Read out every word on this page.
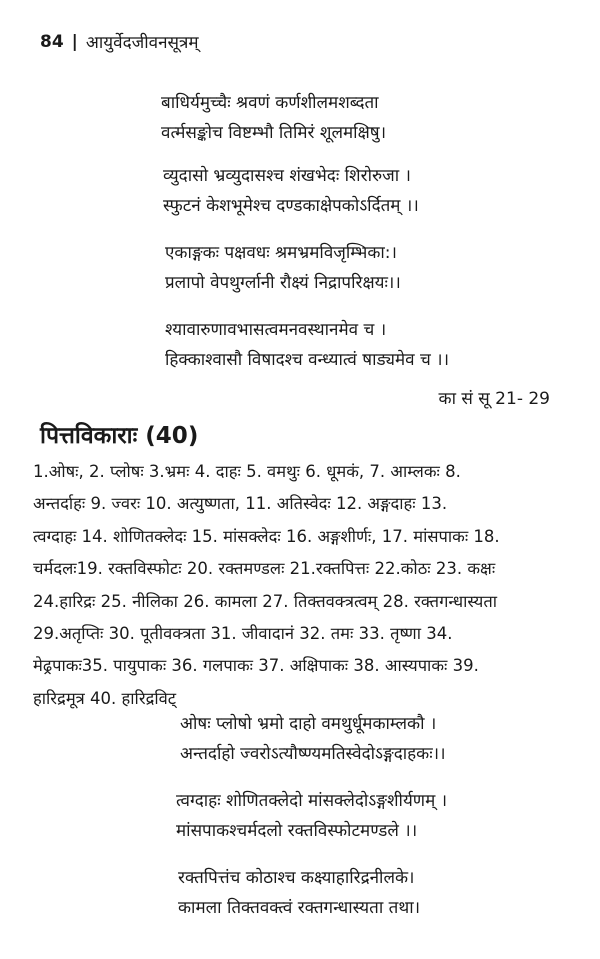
84 | आयुर्वेदजीवनसूत्रम्
बाधिर्यमुच्चैः श्रवणं कर्णशीलमशब्दता
वर्त्मसङ्कोच विष्टम्भौ तिमिरं शूलमक्षिषु।
व्युदासो भ्रव्युदासश्च शंखभेदः शिरोरुजा ।
स्फुटनं केशभूमेश्च दण्डकाक्षेपकोऽर्दितम् ।।
एकाङ्गकः पक्षवधः श्रमभ्रमविजृम्भिका:।
प्रलापो वेपथुर्ग्लानी रौक्ष्यं निद्रापरिक्षयः।।
श्यावारुणावभासत्वमनवस्थानमेव च ।
हिक्काश्वासौ विषादश्च वन्ध्यात्वं षाड्यमेव च ।।
का सं सू 21- 29
पित्तविकाराः (40)
1.ओषः, 2. प्लोषः 3.भ्रमः 4. दाहः 5. वमथुः 6. धूमकं, 7. आम्लकः 8.
अन्तर्दाहः 9. ज्वरः 10. अत्युष्णता, 11. अतिस्वेदः 12. अङ्गदाहः 13.
त्वग्दाहः 14. शोणितक्लेदः 15. मांसक्लेदः 16. अङ्गशीर्णः, 17. मांसपाकः 18.
चर्मदलः19. रक्तविस्फोटः 20. रक्तमण्डलः 21.रक्तपित्तः 22.कोठः 23. कक्षः
24.हारिद्रः 25. नीलिका 26. कामला 27. तिक्तवक्त्रत्वम् 28. रक्तगन्धास्यता
29.अतृप्तिः 30. पूतीवक्त्रता 31. जीवादानं 32. तमः 33. तृष्णा 34.
मेढ्रपाकः35. पायुपाकः 36. गलपाकः 37. अक्षिपाकः 38. आस्यपाकः 39.
हारिद्रमूत्र 40. हारिद्रविट्
ओषः प्लोषो भ्रमो दाहो वमथुर्धूमकाम्लकौ ।
अन्तर्दाहो ज्वरोऽत्यौष्ण्यमतिस्वेदोऽङ्गदाहकः।।
त्वग्दाहः शोणितक्लेदो मांसक्लेदोऽङ्गशीर्यणम् ।
मांसपाकश्चर्मदलो रक्तविस्फोटमण्डले ।।
रक्तपित्तंच कोठाश्च कक्ष्याहारिद्रनीलके।
कामला तिक्तवक्त्वं रक्तगन्धास्यता तथा।
